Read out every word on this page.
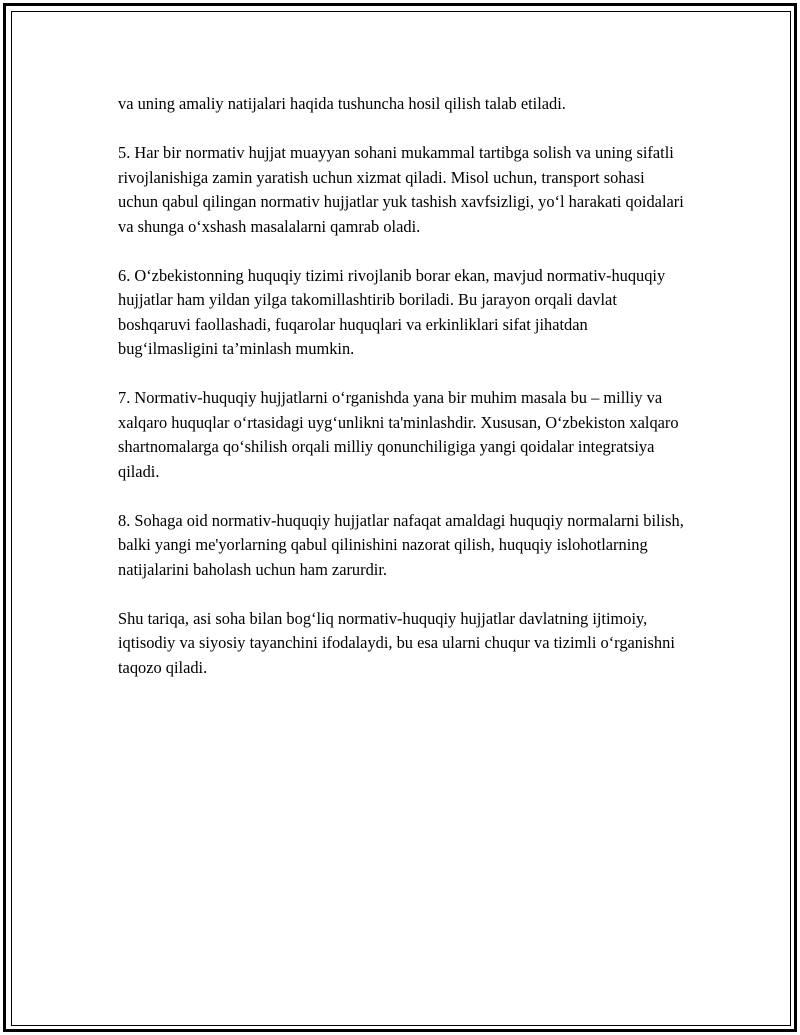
va uning amaliy natijalari haqida tushuncha hosil qilish talab etiladi.

5. Har bir normativ hujjat muayyan sohani mukammal tartibga solish va uning sifatli rivojlanishiga zamin yaratish uchun xizmat qiladi. Misol uchun, transport sohasi uchun qabul qilingan normativ hujjatlar yuk tashish xavfsizligi, yo‘l harakati qoidalari va shunga o‘xshash masalalarni qamrab oladi.

6. O‘zbekistonning huquqiy tizimi rivojlanib borar ekan, mavjud normativ-huquqiy hujjatlar ham yildan yilga takomillashtirib boriladi. Bu jarayon orqali davlat boshqaruvi faollashadi, fuqarolar huquqlari va erkinliklari sifat jihatdan bug‘ilmasligini ta’minlash mumkin.

7. Normativ-huquqiy hujjatlarni o‘rganishda yana bir muhim masala bu – milliy va xalqaro huquqlar o‘rtasidagi uyg‘unlikni ta'minlashdir. Xususan, O‘zbekiston xalqaro shartnomalarga qo‘shilish orqali milliy qonunchiligiga yangi qoidalar integratsiya qiladi.

8. Sohaga oid normativ-huquqiy hujjatlar nafaqat amaldagi huquqiy normalarni bilish, balki yangi me'yorlarning qabul qilinishini nazorat qilish, huquqiy islohotlarning natijalarini baholash uchun ham zarurdir.

Shu tariqa, asi soha bilan bog‘liq normativ-huquqiy hujjatlar davlatning ijtimoiy, iqtisodiy va siyosiy tayanchini ifodalaydi, bu esa ularni chuqur va tizimli o‘rganishni taqozo qiladi.
